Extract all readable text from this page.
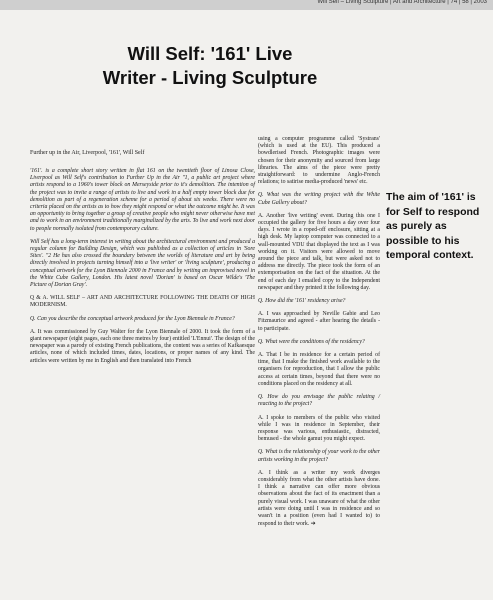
Will Self – Living Sculpture | Art and Architecture | 74 | 58 | 2003
Will Self: '161' Live
Writer - Living Sculpture
Further up in the Air, Liverpool, '161', Will Self

'161'. is a complete short story written in flat 161 on the twentieth floor of Linosa Close, Liverpool as Will Self's contribution to Further Up in the Air "1, a public art project where artists respond to a 1960's tower block on Merseyside prior to it's demolition. The intention of the project was to invite a range of artists to live and work in a half empty tower block due for demolition as part of a regeneration scheme for a period of about six weeks. There were no criteria placed on the artists as to how they might respond or what the outcome might be. It was an opportunity to bring together a group of creative people who might never otherwise have met and to work in an environment traditionally marginalized by the arts. To live and work next door to people normally isolated from contemporary culture.

Will Self has a long-term interest in writing about the architectural environment and produced a regular column for Building Design, which was published as a collection of articles in 'Sore Sites'. "2 He has also crossed the boundary between the worlds of literature and art by being directly involved in projects turning himself into a 'live writer' or 'living sculpture', producing a conceptual artwork for the Lyon Biennale 2000 in France and by writing an improvised novel in the White Cube Gallery, London. His latest novel 'Dorian' is based on Oscar Wilde's 'The Picture of Dorian Gray'.

Q & A. WILL SELF – ART AND ARCHITECTURE FOLLOWING THE DEATH OF HIGH MODERNISM.

Q. Can you describe the conceptual artwork produced for the Lyon Biennale in France?

A. It was commissioned by Guy Walter for the Lyon Biennale of 2000. It took the form of a giant newspaper (eight pages, each one three metres by four) entitled 'L'Ennui'. The design of the newspaper was a parody of existing French publications, the content was a series of Kafkaesque articles, none of which included times, dates, locations, or proper names of any kind. The articles were written by me in English and then translated into French

using a computer programme called 'Systrans' (which is used at the EU). This produced a bowdlerised French. Photographic images were chosen for their anonymity and sourced from large libraries. The aims of the piece were pretty straightforward: to undermine Anglo-French relations; to satirise media-produced 'news' etc.

Q. What was the writing project with the White Cube Gallery about?

A. Another 'live writing' event. During this one I occupied the gallery for five hours a day over four days. I wrote in a roped-off enclosure, sitting at a high desk. My laptop computer was connected to a wall-mounted VDU that displayed the text as I was working on it. Visitors were allowed to move around the piece and talk, but were asked not to address me directly. The piece took the form of an extemporisation on the fact of the situation. At the end of each day I emailed copy to the Independent newspaper and they printed it the following day.

Q. How did the '161' residency arise?

A. I was approached by Neville Gabie and Leo Fitzmaurice and agreed - after hearing the details - to participate.

Q. What were the conditions of the residency?

A. That I be in residence for a certain period of time, that I make the finished work available to the organisers for reproduction, that I allow the public access at certain times, beyond that there were no conditions placed on the residency at all.

Q. How do you envisage the public relating / reacting to the project?

A. I spoke to members of the public who visited while I was in residence in September, their response was various, enthusiastic, distracted, bemused - the whole gamut you might expect.

Q. What is the relationship of your work to the other artists working in the project?

A. I think as a writer my work diverges considerably from what the other artists have done. I think a narrative can offer more obvious observations about the fact of its enactment than a purely visual work. I was unaware of what the other artists were doing until I was in residence and so wasn't in a position (even had I wanted to) to respond to their work. ➔

The aim of '161' is for Self to respond as purely as possible to his temporal context.
